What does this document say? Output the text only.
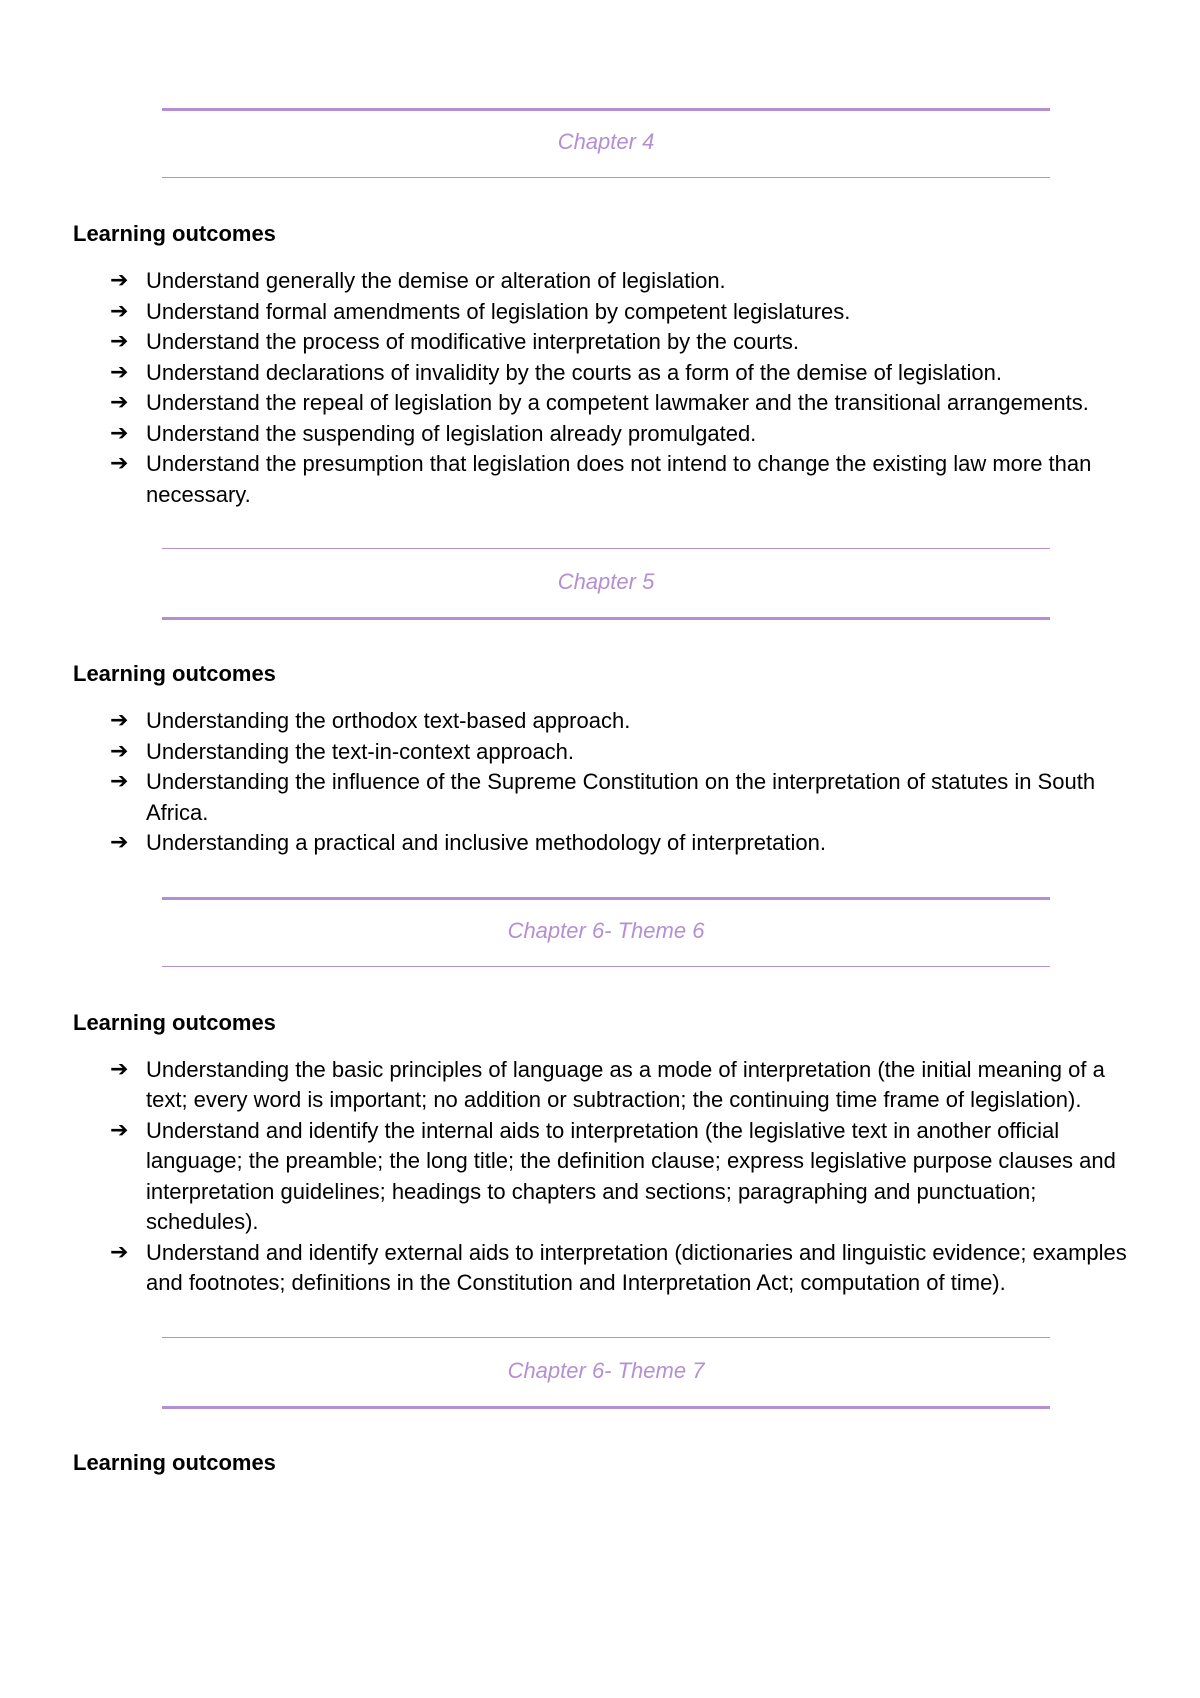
Chapter 4
Learning outcomes
➔ Understand generally the demise or alteration of legislation.
➔ Understand formal amendments of legislation by competent legislatures.
➔ Understand the process of modificative interpretation by the courts.
➔ Understand declarations of invalidity by the courts as a form of the demise of legislation.
➔ Understand the repeal of legislation by a competent lawmaker and the transitional arrangements.
➔ Understand the suspending of legislation already promulgated.
➔ Understand the presumption that legislation does not intend to change the existing law more than necessary.
Chapter 5
Learning outcomes
➔ Understanding the orthodox text-based approach.
➔ Understanding the text-in-context approach.
➔ Understanding the influence of the Supreme Constitution on the interpretation of statutes in South Africa.
➔ Understanding a practical and inclusive methodology of interpretation.
Chapter 6- Theme 6
Learning outcomes
➔ Understanding the basic principles of language as a mode of interpretation (the initial meaning of a text; every word is important; no addition or subtraction; the continuing time frame of legislation).
➔ Understand and identify the internal aids to interpretation (the legislative text in another official language; the preamble; the long title; the definition clause; express legislative purpose clauses and interpretation guidelines; headings to chapters and sections; paragraphing and punctuation; schedules).
➔ Understand and identify external aids to interpretation (dictionaries and linguistic evidence; examples and footnotes; definitions in the Constitution and Interpretation Act; computation of time).
Chapter 6- Theme 7
Learning outcomes
